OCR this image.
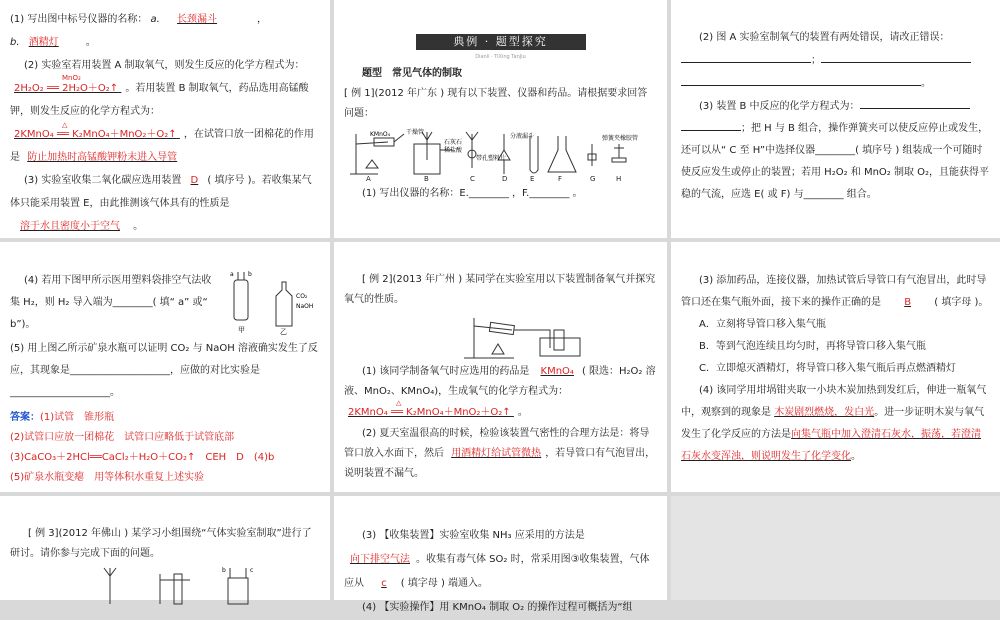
(1) 写出图中标号仪器的名称： a. 长颈漏斗	，

b. 酒精灯 。

(2) 实验室若用装置 A 制取氧气，则发生反应的化学方程式为：

2H₂O₂ ══ 2H₂O＋O₂↑
MnO₂
。若用装置 B 制取氧气，药品选用高锰酸钾，则发生反应的化学方程式为：

2KMnO₄ ══ K₂MnO₄＋MnO₂＋O₂↑
△
，在试管口放一团棉花的作用是 防止加热时高锰酸钾粉末进入导管

(3) 实验室收集二氧化碳应选用装置 D ( 填序号 )。若收集某气体只能采用装置 E，由此推测该气体具有的性质是

溶于水且密度小于空气 。

典例 · 题型探究
Dianli · TiXing TanJiu

题型　常见气体的制取

[ 例 1](2012 年广东 ) 现有以下装置、仪器和药品。请根据要求回答问题：

KMnO₄	干燥管
石灰石
稀盐酸
带孔塑料片
分液漏斗	弹簧夹橡胶管
A	B	C	D	E	F	G	H

(1) 写出仪器的名称：E.________ ，F.________ 。

(2) 图 A 实验室制氧气的装置有两处错误，请改正错误：

；

。

(3) 装置 B 中反应的化学方程式为：

；把 H 与 B 组合，操作弹簧夹可以使反应停止或发生，还可以从“ C 至 H”中选择仪器________( 填序号 ) 组装成一个可随时使反应发生或停止的装置；若用 H₂O₂ 和 MnO₂ 制取 O₂，且能获得平稳的气流，应选 E( 或 F) 与________ 组合。

(4) 若用下图甲所示医用塑料袋排空气法收集 H₂，则 H₂ 导入端为________( 填“ a” 或“ b”)。

a b
甲	乙
CO₂
NaOH

(5) 用上图乙所示矿泉水瓶可以证明 CO₂ 与 NaOH 溶液确实发生了反应，其现象是____________________，应做的对比实验是____________________。

答案：(1)试管　锥形瓶

(2)试管口应放一团棉花　试管口应略低于试管底部

(3)CaCO₃＋2HCl══CaCl₂＋H₂O＋CO₂↑　CEH　D　(4)b

(5)矿泉水瓶变瘪　用等体积水重复上述实验

[ 例 2](2013 年广州 ) 某同学在实验室用以下装置制备氧气并探究氧气的性质。

(1) 该同学制备氧气时应选用的药品是 KMnO₄ ( 限选：H₂O₂ 溶液、MnO₂、KMnO₄)，生成氧气的化学方程式为：

2KMnO₄ ══ K₂MnO₄＋MnO₂＋O₂↑
△
。

(2) 夏天室温很高的时候，检验该装置气密性的合理方法是：将导管口放入水面下，然后 用酒精灯给试管微热 ，若导管口有气泡冒出，说明装置不漏气。

(3) 添加药品，连接仪器，加热试管后导管口有气泡冒出，此时导管口还在集气瓶外面，接下来的操作正确的是 B ( 填字母 )。

A．立刻将导管口移入集气瓶

B．等到气泡连续且均匀时，再将导管口移入集气瓶

C．立即熄灭酒精灯，将导管口移入集气瓶后再点燃酒精灯

(4) 该同学用坩埚钳夹取一小块木炭加热到发红后，伸进一瓶氧气中，观察到的现象是 木炭剧烈燃烧，发白光。进一步证明木炭与氧气发生了化学反应的方法是向集气瓶中加入澄清石灰水，振荡，若澄清石灰水变浑浊，则说明发生了化学变化。

[ 例 3](2012 年佛山 ) 某学习小组围绕“气体实验室制取”进行了研讨。请你参与完成下面的问题。

b	c

(3) 【收集装置】实验室收集 NH₃ 应采用的方法是

向下排空气法 。收集有毒气体 SO₂ 时，常采用图③收集装置，气体应从 c ( 填字母 ) 端通入。

(4) 【实验操作】用 KMnO₄ 制取 O₂ 的操作过程可概括为“组
